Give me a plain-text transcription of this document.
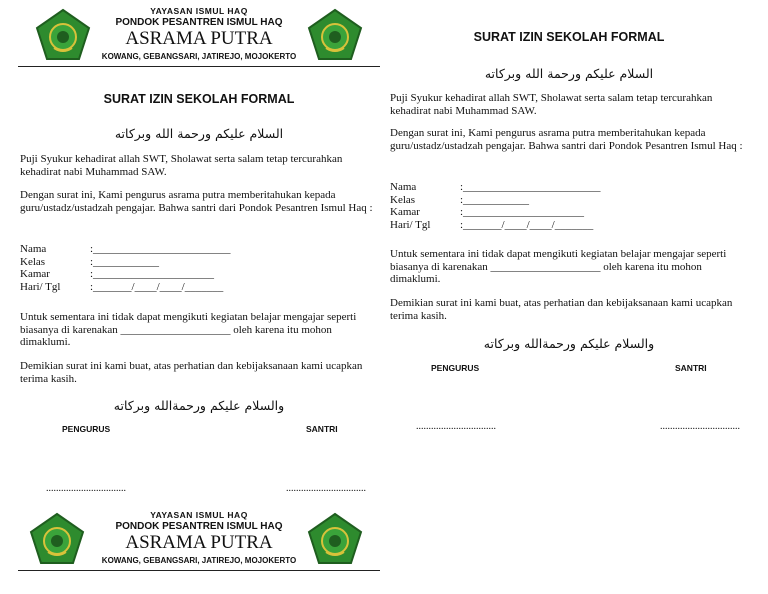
YAYASAN ISMUL HAQ
PONDOK PESANTREN ISMUL HAQ
ASRAMA PUTRA
KOWANG, GEBANGSARI, JATIREJO, MOJOKERTO
SURAT IZIN SEKOLAH FORMAL
السلام عليكم ورحمة الله وبركاته
Puji Syukur kehadirat allah SWT, Sholawat serta salam tetap tercurahkan kehadirat nabi Muhammad SAW.
Dengan surat ini, Kami pengurus asrama putra memberitahukan kepada guru/ustadz/ustadzah pengajar. Bahwa santri dari Pondok Pesantren Ismul Haq :
Nama	:_________________________
Kelas	:____________
Kamar	:______________________
Hari/ Tgl	:_______/____/____/_______
Untuk sementara ini tidak dapat mengikuti kegiatan belajar mengajar seperti biasanya di karenakan ____________________ oleh karena itu mohon dimaklumi.
Demikian surat ini kami buat, atas perhatian dan kebijaksanaan kami ucapkan terima kasih.
والسلام عليكم ورحمةالله وبركاته
PENGURUS	SANTRI
................................	................................
YAYASAN ISMUL HAQ
PONDOK PESANTREN ISMUL HAQ
ASRAMA PUTRA
KOWANG, GEBANGSARI, JATIREJO, MOJOKERTO
SURAT IZIN SEKOLAH FORMAL
السلام عليكم ورحمة الله وبركاته
Puji Syukur kehadirat allah SWT, Sholawat serta salam tetap tercurahkan kehadirat nabi Muhammad SAW.
Dengan surat ini, Kami pengurus asrama putra memberitahukan kepada guru/ustadz/ustadzah pengajar. Bahwa santri dari Pondok Pesantren Ismul Haq :
Nama	:_________________________
Kelas	:____________
Kamar	:______________________
Hari/ Tgl	:_______/____/____/_______
Untuk sementara ini tidak dapat mengikuti kegiatan belajar mengajar seperti biasanya di karenakan ____________________ oleh karena itu mohon dimaklumi.
Demikian surat ini kami buat, atas perhatian dan kebijaksanaan kami ucapkan terima kasih.
والسلام عليكم ورحمةالله وبركاته
PENGURUS	SANTRI
................................	................................
